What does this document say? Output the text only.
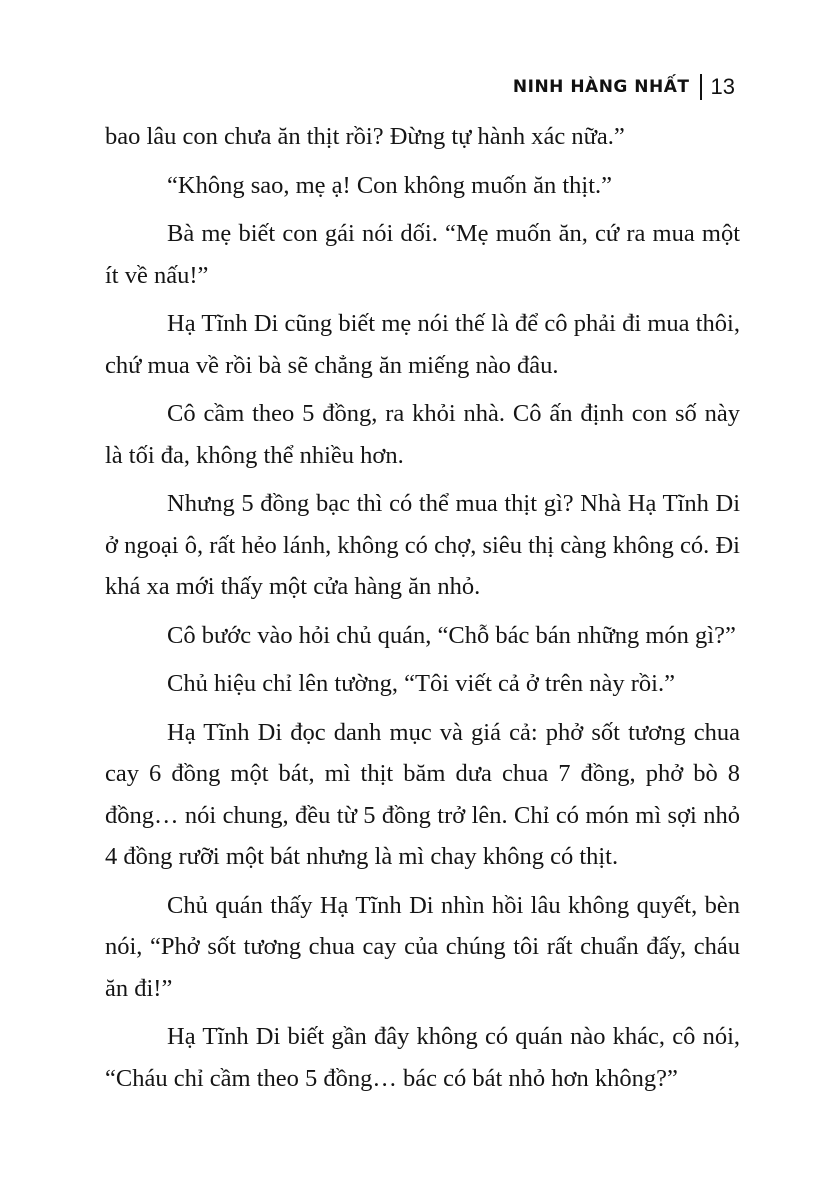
NINH HÀNG NHẤT 13

bao lâu con chưa ăn thịt rồi? Đừng tự hành xác nữa.”

“Không sao, mẹ ạ! Con không muốn ăn thịt.”

Bà mẹ biết con gái nói dối. “Mẹ muốn ăn, cứ ra mua một ít về nấu!”

Hạ Tĩnh Di cũng biết mẹ nói thế là để cô phải đi mua thôi, chứ mua về rồi bà sẽ chẳng ăn miếng nào đâu.

Cô cầm theo 5 đồng, ra khỏi nhà. Cô ấn định con số này là tối đa, không thể nhiều hơn.

Nhưng 5 đồng bạc thì có thể mua thịt gì? Nhà Hạ Tĩnh Di ở ngoại ô, rất hẻo lánh, không có chợ, siêu thị càng không có. Đi khá xa mới thấy một cửa hàng ăn nhỏ.

Cô bước vào hỏi chủ quán, “Chỗ bác bán những món gì?”

Chủ hiệu chỉ lên tường, “Tôi viết cả ở trên này rồi.”

Hạ Tĩnh Di đọc danh mục và giá cả: phở sốt tương chua cay 6 đồng một bát, mì thịt băm dưa chua 7 đồng, phở bò 8 đồng… nói chung, đều từ 5 đồng trở lên. Chỉ có món mì sợi nhỏ 4 đồng rưỡi một bát nhưng là mì chay không có thịt.

Chủ quán thấy Hạ Tĩnh Di nhìn hồi lâu không quyết, bèn nói, “Phở sốt tương chua cay của chúng tôi rất chuẩn đấy, cháu ăn đi!”

Hạ Tĩnh Di biết gần đây không có quán nào khác, cô nói, “Cháu chỉ cầm theo 5 đồng… bác có bát nhỏ hơn không?”
